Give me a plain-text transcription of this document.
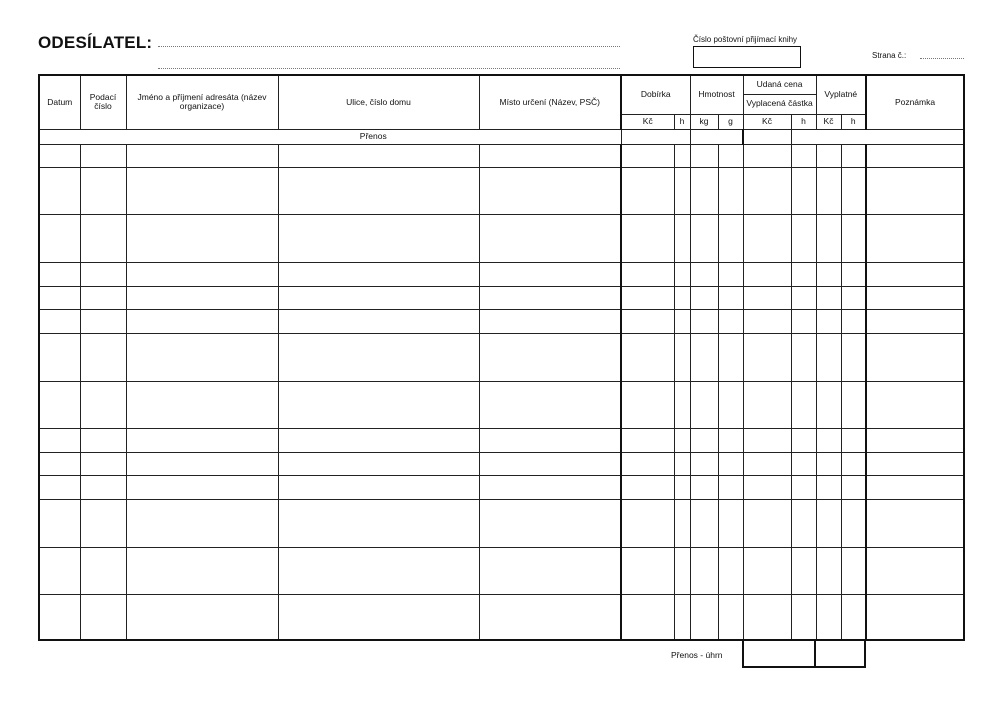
ODESÍLATEL:	Číslo poštovní přijímací knihy
Strana č.:
Datum	Podací číslo	Jméno a příjmení adresáta (název organizace)	Ulice, číslo domu	Místo určení (Název, PSČ)	Dobírka		Hmotnost		Udaná cena		Vyplatné		Poznámka
									Vyplacená částka				
					Kč	h	kg	g	Kč	h	Kč	h	
		Přenos											

Přenos - úhrn
